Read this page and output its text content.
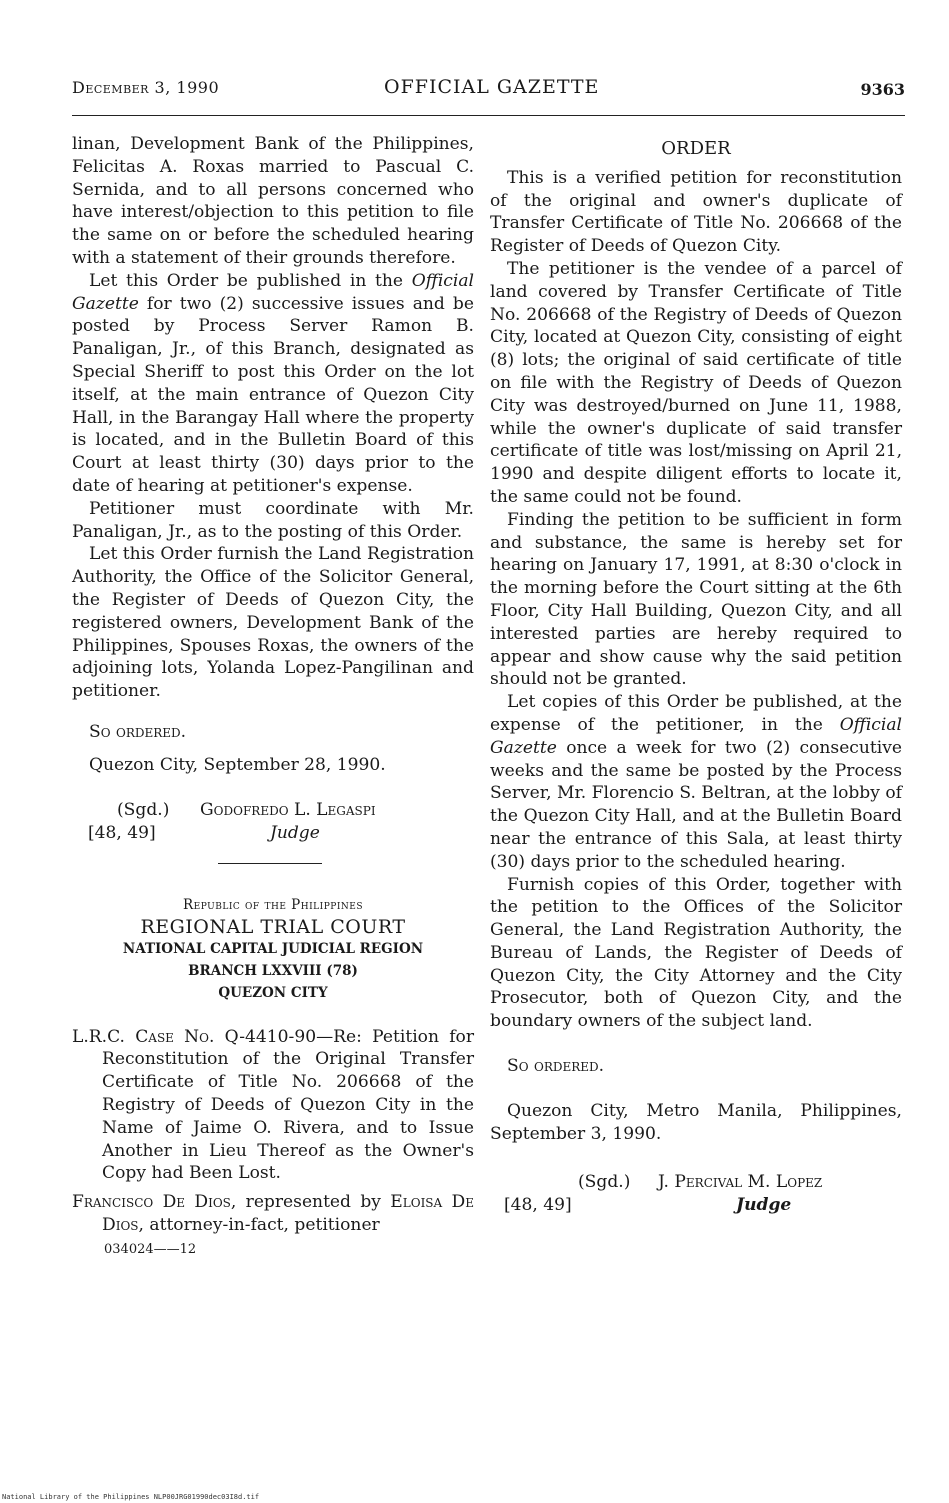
December 3, 1990	OFFICIAL GAZETTE	9363

linan, Development Bank of the Philippines, Felicitas A. Roxas married to Pascual C. Sernida, and to all persons concerned who have interest/objection to this petition to file the same on or before the scheduled hearing with a statement of their grounds therefore.

Let this Order be published in the Official Gazette for two (2) successive issues and be posted by Process Server Ramon B. Panaligan, Jr., of this Branch, designated as Special Sheriff to post this Order on the lot itself, at the main entrance of Quezon City Hall, in the Barangay Hall where the property is located, and in the Bulletin Board of this Court at least thirty (30) days prior to the date of hearing at petitioner's expense.

Petitioner must coordinate with Mr. Panaligan, Jr., as to the posting of this Order.

Let this Order furnish the Land Registration Authority, the Office of the Solicitor General, the Register of Deeds of Quezon City, the registered owners, Development Bank of the Philippines, Spouses Roxas, the owners of the adjoining lots, Yolanda Lopez-Pangilinan and petitioner.

So ordered.

Quezon City, September 28, 1990.

(Sgd.) Godofredo L. Legaspi
[48, 49]	Judge
Republic of the Philippines
REGIONAL TRIAL COURT
NATIONAL CAPITAL JUDICIAL REGION
BRANCH LXXVIII (78)
QUEZON CITY

L.R.C. Case No. Q-4410-90—Re: Petition for Reconstitution of the Original Transfer Certificate of Title No. 206668 of the Registry of Deeds of Quezon City in the Name of Jaime O. Rivera, and to Issue Another in Lieu Thereof as the Owner's Copy had Been Lost.

Francisco De Dios, represented by Eloisa De Dios, attorney-in-fact, petitioner

034024——12
ORDER

This is a verified petition for reconstitution of the original and owner's duplicate of Transfer Certificate of Title No. 206668 of the Register of Deeds of Quezon City.

The petitioner is the vendee of a parcel of land covered by Transfer Certificate of Title No. 206668 of the Registry of Deeds of Quezon City, located at Quezon City, consisting of eight (8) lots; the original of said certificate of title on file with the Registry of Deeds of Quezon City was destroyed/burned on June 11, 1988, while the owner's duplicate of said transfer certificate of title was lost/missing on April 21, 1990 and despite diligent efforts to locate it, the same could not be found.

Finding the petition to be sufficient in form and substance, the same is hereby set for hearing on January 17, 1991, at 8:30 o'clock in the morning before the Court sitting at the 6th Floor, City Hall Building, Quezon City, and all interested parties are hereby required to appear and show cause why the said petition should not be granted.

Let copies of this Order be published, at the expense of the petitioner, in the Official Gazette once a week for two (2) consecutive weeks and the same be posted by the Process Server, Mr. Florencio S. Beltran, at the lobby of the Quezon City Hall, and at the Bulletin Board near the entrance of this Sala, at least thirty (30) days prior to the scheduled hearing.

Furnish copies of this Order, together with the petition to the Offices of the Solicitor General, the Land Registration Authority, the Bureau of Lands, the Register of Deeds of Quezon City, the City Attorney and the City Prosecutor, both of Quezon City, and the boundary owners of the subject land.

So ordered.

Quezon City, Metro Manila, Philippines, September 3, 1990.

(Sgd.) J. Percival M. Lopez
[48, 49]	Judge
National Library of the Philippines NLP00JRG01990dec03I8d.tif
